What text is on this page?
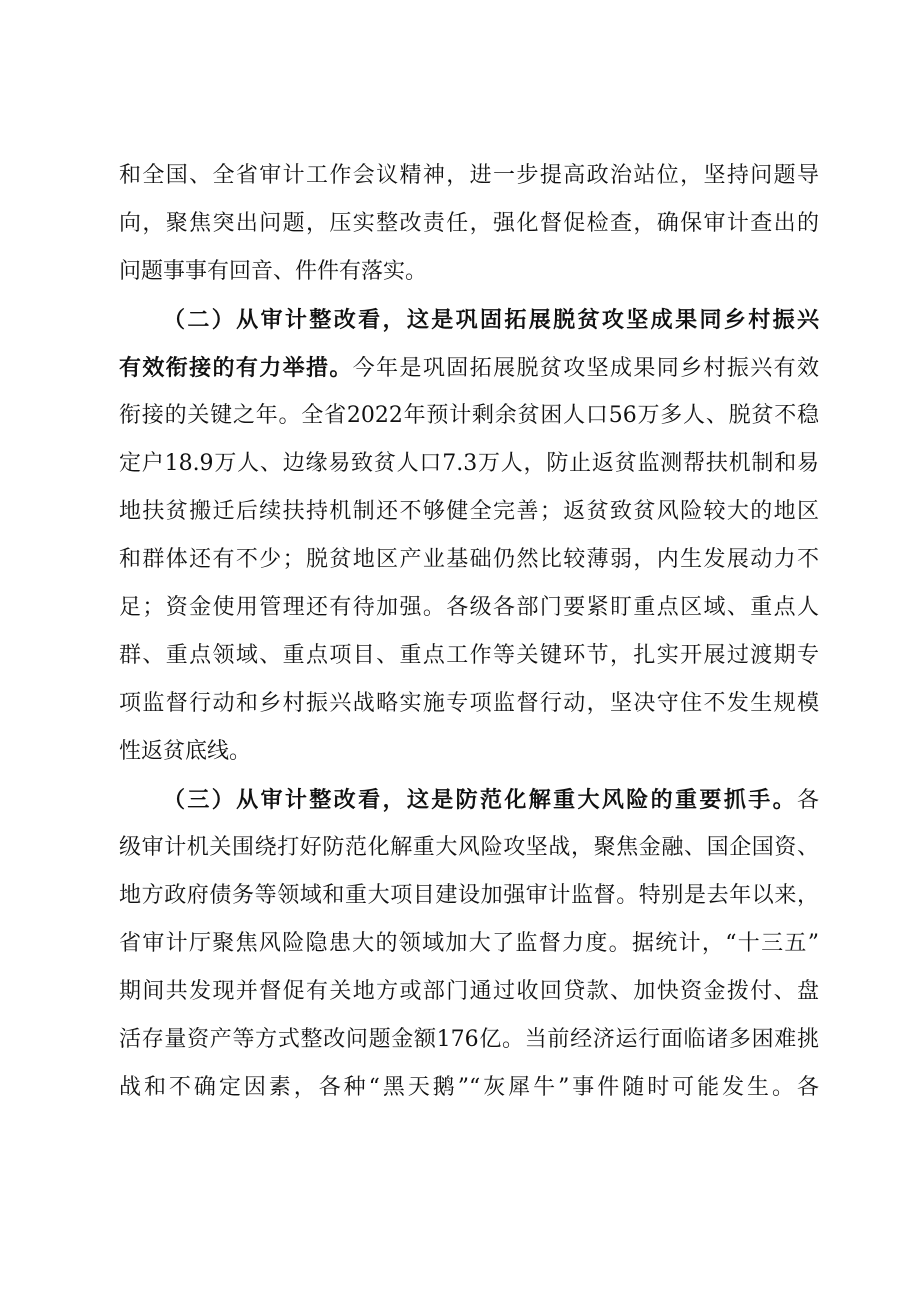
和全国、全省审计工作会议精神，进一步提高政治站位，坚持问题导
向，聚焦突出问题，压实整改责任，强化督促检查，确保审计查出的
问题事事有回音、件件有落实。
（二）从审计整改看，这是巩固拓展脱贫攻坚成果同乡村振兴
有效衔接的有力举措。今年是巩固拓展脱贫攻坚成果同乡村振兴有效
衔接的关键之年。全省2022年预计剩余贫困人口56万多人、脱贫不稳
定户18.9万人、边缘易致贫人口7.3万人，防止返贫监测帮扶机制和易
地扶贫搬迁后续扶持机制还不够健全完善；返贫致贫风险较大的地区
和群体还有不少；脱贫地区产业基础仍然比较薄弱，内生发展动力不
足；资金使用管理还有待加强。各级各部门要紧盯重点区域、重点人
群、重点领域、重点项目、重点工作等关键环节，扎实开展过渡期专
项监督行动和乡村振兴战略实施专项监督行动，坚决守住不发生规模
性返贫底线。
（三）从审计整改看，这是防范化解重大风险的重要抓手。各
级审计机关围绕打好防范化解重大风险攻坚战，聚焦金融、国企国资、
地方政府债务等领域和重大项目建设加强审计监督。特别是去年以来，
省审计厅聚焦风险隐患大的领域加大了监督力度。据统计，“十三五”
期间共发现并督促有关地方或部门通过收回贷款、加快资金拨付、盘
活存量资产等方式整改问题金额176亿。当前经济运行面临诸多困难挑
战和不确定因素，各种“黑天鹅”“灰犀牛”事件随时可能发生。各
